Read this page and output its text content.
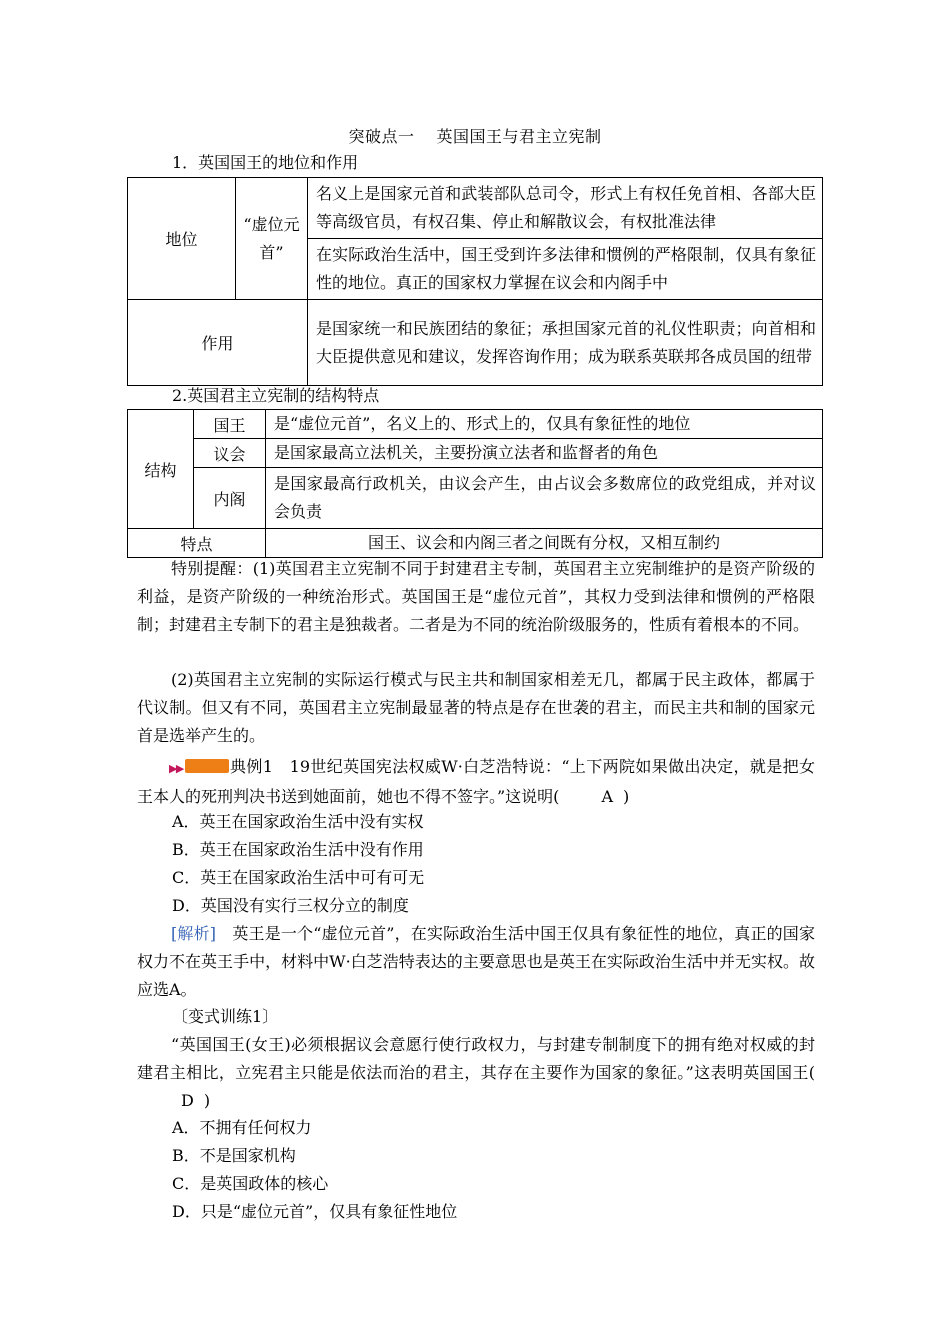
突破点一 英国国王与君主立宪制
1．英国国王的地位和作用
地位	“虚位元首”	名义上是国家元首和武装部队总司令，形式上有权任免首相、各部大臣等高级官员，有权召集、停止和解散议会，有权批准法律
		在实际政治生活中，国王受到许多法律和惯例的严格限制，仅具有象征性的地位。真正的国家权力掌握在议会和内阁手中
作用		是国家统一和民族团结的象征；承担国家元首的礼仪性职责；向首相和大臣提供意见和建议，发挥咨询作用；成为联系英联邦各成员国的纽带
2.英国君主立宪制的结构特点
结构	国王	是“虚位元首”，名义上的、形式上的，仅具有象征性的地位
	议会	是国家最高立法机关，主要扮演立法者和监督者的角色
	内阁	是国家最高行政机关，由议会产生，由占议会多数席位的政党组成，并对议会负责
特点		国王、议会和内阁三者之间既有分权，又相互制约
特别提醒：(1)英国君主立宪制不同于封建君主专制，英国君主立宪制维护的是资产阶级的利益，是资产阶级的一种统治形式。英国国王是“虚位元首”，其权力受到法律和惯例的严格限制；封建君主专制下的君主是独裁者。二者是为不同的统治阶级服务的，性质有着根本的不同。
(2)英国君主立宪制的实际运行模式与民主共和制国家相差无几，都属于民主政体，都属于代议制。但又有不同，英国君主立宪制最显著的特点是存在世袭的君主，而民主共和制的国家元首是选举产生的。
▶▶	典例1　19世纪英国宪法权威W·白芝浩特说：“上下两院如果做出决定，就是把女王本人的死刑判决书送到她面前，她也不得不签字。”这说明(	A )
A．英王在国家政治生活中没有实权
B．英王在国家政治生活中没有作用
C．英王在国家政治生活中可有可无
D．英国没有实行三权分立的制度
[解析]　英王是一个“虚位元首”，在实际政治生活中国王仅具有象征性的地位，真正的国家权力不在英王手中，材料中W·白芝浩特表达的主要意思也是英王在实际政治生活中并无实权。故应选A。
〔变式训练1〕
“英国国王(女王)必须根据议会意愿行使行政权力，与封建专制制度下的拥有绝对权威的封建君主相比，立宪君主只能是依法而治的君主，其存在主要作为国家的象征。”这表明英国国王(D )
A．不拥有任何权力
B．不是国家机构
C．是英国政体的核心
D．只是“虚位元首”，仅具有象征性地位
